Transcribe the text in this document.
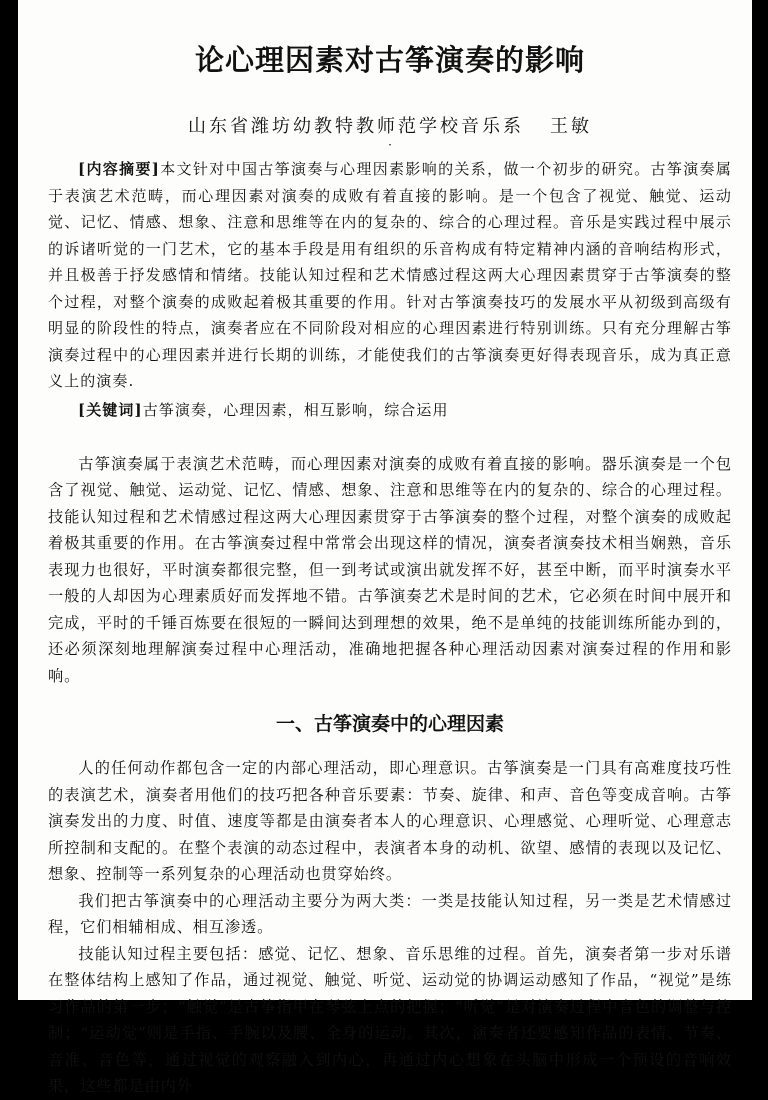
论心理因素对古筝演奏的影响

山东省潍坊幼教特教师范学校音乐系 王敏

·

[内容摘要]本文针对中国古筝演奏与心理因素影响的关系，做一个初步的研究。古筝演奏属于表演艺术范畴，而心理因素对演奏的成败有着直接的影响。是一个包含了视觉、触觉、运动觉、记忆、情感、想象、注意和思维等在内的复杂的、综合的心理过程。音乐是实践过程中展示的诉诸听觉的一门艺术，它的基本手段是用有组织的乐音构成有特定精神内涵的音响结构形式，并且极善于抒发感情和情绪。技能认知过程和艺术情感过程这两大心理因素贯穿于古筝演奏的整个过程，对整个演奏的成败起着极其重要的作用。针对古筝演奏技巧的发展水平从初级到高级有明显的阶段性的特点，演奏者应在不同阶段对相应的心理因素进行特别训练。只有充分理解古筝演奏过程中的心理因素并进行长期的训练，才能使我们的古筝演奏更好得表现音乐，成为真正意义上的演奏.

[关键词]古筝演奏，心理因素，相互影响，综合运用

古筝演奏属于表演艺术范畴，而心理因素对演奏的成败有着直接的影响。器乐演奏是一个包含了视觉、触觉、运动觉、记忆、情感、想象、注意和思维等在内的复杂的、综合的心理过程。技能认知过程和艺术情感过程这两大心理因素贯穿于古筝演奏的整个过程，对整个演奏的成败起着极其重要的作用。在古筝演奏过程中常常会出现这样的情况，演奏者演奏技术相当娴熟，音乐表现力也很好，平时演奏都很完整，但一到考试或演出就发挥不好，甚至中断，而平时演奏水平一般的人却因为心理素质好而发挥地不错。古筝演奏艺术是时间的艺术，它必须在时间中展开和完成，平时的千锤百炼要在很短的一瞬间达到理想的效果，绝不是单纯的技能训练所能办到的，还必须深刻地理解演奏过程中心理活动，准确地把握各种心理活动因素对演奏过程的作用和影响。

一、古筝演奏中的心理因素

人的任何动作都包含一定的内部心理活动，即心理意识。古筝演奏是一门具有高难度技巧性的表演艺术，演奏者用他们的技巧把各种音乐要素：节奏、旋律、和声、音色等变成音响。古筝演奏发出的力度、时值、速度等都是由演奏者本人的心理意识、心理感觉、心理听觉、心理意志所控制和支配的。在整个表演的动态过程中，表演者本身的动机、欲望、感情的表现以及记忆、想象、控制等一系列复杂的心理活动也贯穿始终。

我们把古筝演奏中的心理活动主要分为两大类：一类是技能认知过程，另一类是艺术情感过程，它们相辅相成、相互渗透。

技能认知过程主要包括：感觉、记忆、想象、音乐思维的过程。首先，演奏者第一步对乐谱在整体结构上感知了作品，通过视觉、触觉、听觉、运动觉的协调运动感知了作品，“视觉”是练习作品的第一步；“触觉”是古筝指甲在琴弦上点的把握；“听觉”是对演奏过程中音色的调整与控制；“运动觉”则是手指、手腕以及腰、全身的运动。其次，演奏者还要感知作品的表情、节奏、音准、音色等，通过视觉的观察融入到内心，再通过内心想象在头脑中形成一个预设的音响效果，这些都是由内外
